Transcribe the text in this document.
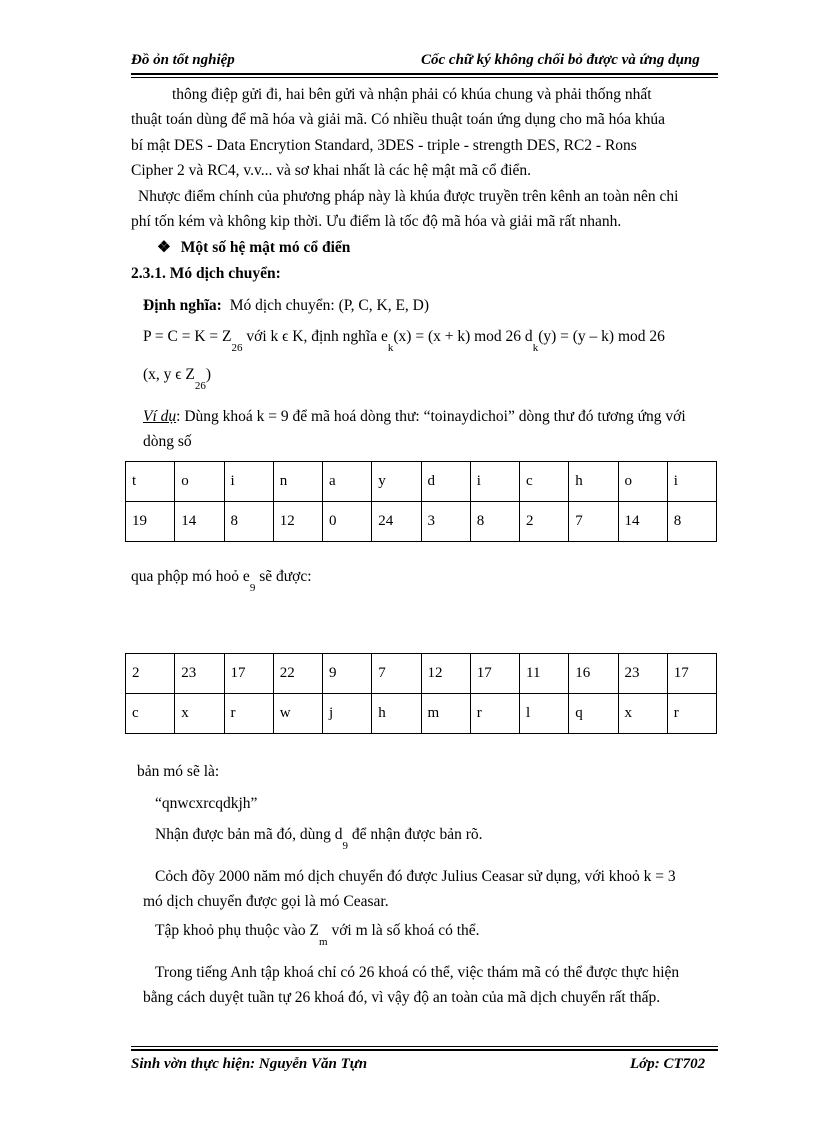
Đồ ỏn tốt nghiệp	Cốc chữ ký không chối bỏ được và ứng dụng
thông điệp gửi đi, hai bên gửi và nhận phải có khúa chung và phải thống nhất
thuật toán dùng để mã hóa và giải mã. Có nhiều thuật toán ứng dụng cho mã hóa khúa
bí mật DES - Data Encrytion Standard, 3DES - triple - strength DES, RC2 - Rons
Cipher 2 và RC4, v.v... và sơ khai nhất là các hệ mật mã cổ điển.
Nhược điểm chính của phương pháp này là khúa được truyền trên kênh an toàn nên chi
phí tốn kém và không kip thời. Ưu điểm là tốc độ mã hóa và giải mã rất nhanh.
❖ Một số hệ mật mó cổ điển
2.3.1. Mó dịch chuyển:
Định nghĩa: Mó dịch chuyển: (P, C, K, E, D)
$P = C = K = Z_{26}$ với k ϵ K, định nghĩa $e_k(x) = (x + k)$ mod 26 $d_k(y) = (y - k)$ mod 26
(x, y ϵ $Z_{26}$)
Ví dụ: Dùng khoá k = 9 để mã hoá dòng thư: “toinaydichoi” dòng thư đó tương ứng với
dòng số
t	o	i	n	a	y	d	i	c	h	o	i
19	14	8	12	0	24	3	8	2	7	14	8
qua phộp mó hoỏ $e_9$ sẽ được:
2	23	17	22	9	7	12	17	11	16	23	17
c	x	r	w	j	h	m	r	l	q	x	r
bản mó sẽ là:
“qnwcxrcqdkjh”
Nhận được bản mã đó, dùng $d_9$ để nhận được bản rõ.
Cỏch đõy 2000 năm mó dịch chuyển đó được Julius Ceasar sử dụng, với khoỏ k = 3
mó dịch chuyển được gọi là mó Ceasar.
Tập khoỏ phụ thuộc vào $Z_m$ với m là số khoá có thể.
Trong tiếng Anh tập khoá chỉ có 26 khoá có thể, việc thám mã có thể được thực hiện
bằng cách duyệt tuần tự 26 khoá đó, vì vậy độ an toàn của mã dịch chuyển rất thấp.
Sinh vờn thực hiện: Nguyễn Văn Tựn	Lớp: CT702
